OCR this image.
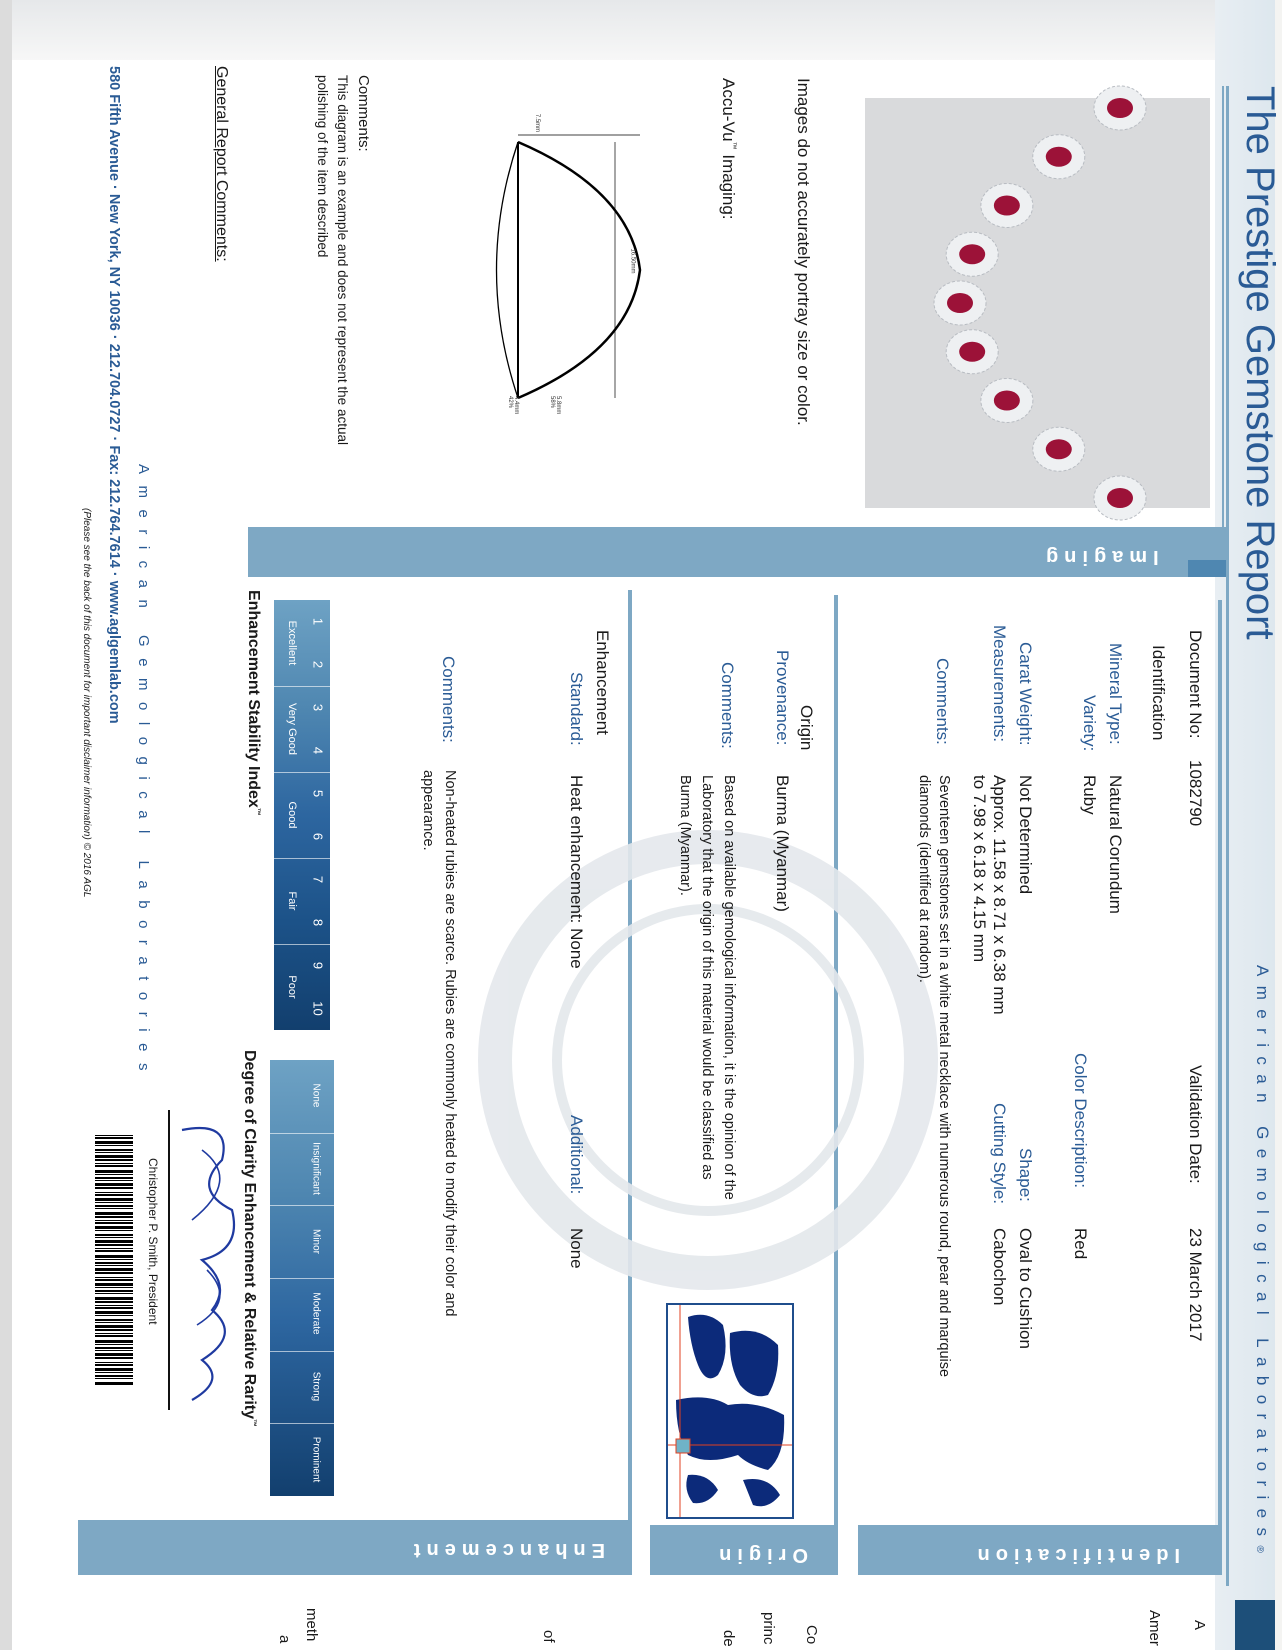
American Gemological Laboratories®
The Prestige Gemstone Report
Imaging
Images do not accurately portray size or color.
Accu-Vu™ Imaging:
7.5mm
16.50mm
5.8mm 58%
4.4mm 42%
Comments:
This diagram is an example and does not represent the actual polishing of the item described
General Report Comments:
American Gemological Laboratories
580 Fifth Avenue · New York, NY 10036 · 212.704.0727 · Fax: 212.764.7614 · www.aglgemlab.com
(Please see the back of this document for important disclaimer information) © 2016 AGL
Identification
Origin
Enhancement
Document No:
1082790
Validation Date:
23 March 2017
Identification
Mineral Type:
Natural Corundum
Variety:
Ruby
Color Description:
Red
Carat Weight:
Not Determined
Shape:
Oval to Cushion
Measurements:
Approx. 11.58 x 8.71 x 6.38 mm
to 7.98 x 6.18 x 4.15 mm
Cutting Style:
Cabochon
Comments:
Seventeen gemstones set in a white metal necklace with numerous round, pear and marquise
diamonds (identified at random).
Origin
Provenance:
Burma (Myanmar)
Comments:
Based on available gemological information, it is the opinion of the
Laboratory that the origin of this material would be classified as
Burma (Myanmar).
Enhancement
Standard:
Heat enhancement: None
Additional:
None
Comments:
Non-heated rubies are scarce. Rubies are commonly heated to modify their color and
appearance.
1
2
3
4
5
6
7
8
9
10
Excellent
Very Good
Good
Fair
Poor
Enhancement Stability Index™
None
Extremely Rare
Insignificant
Very Rare
Minor
Rare
Moderate
Uncommon
Strong
Common
Prominent
Very Common
Degree of Clarity Enhancement & Relative Rarity™
Christopher P. Smith, President
A
Amer
Co
princ
de
of
meth
a
